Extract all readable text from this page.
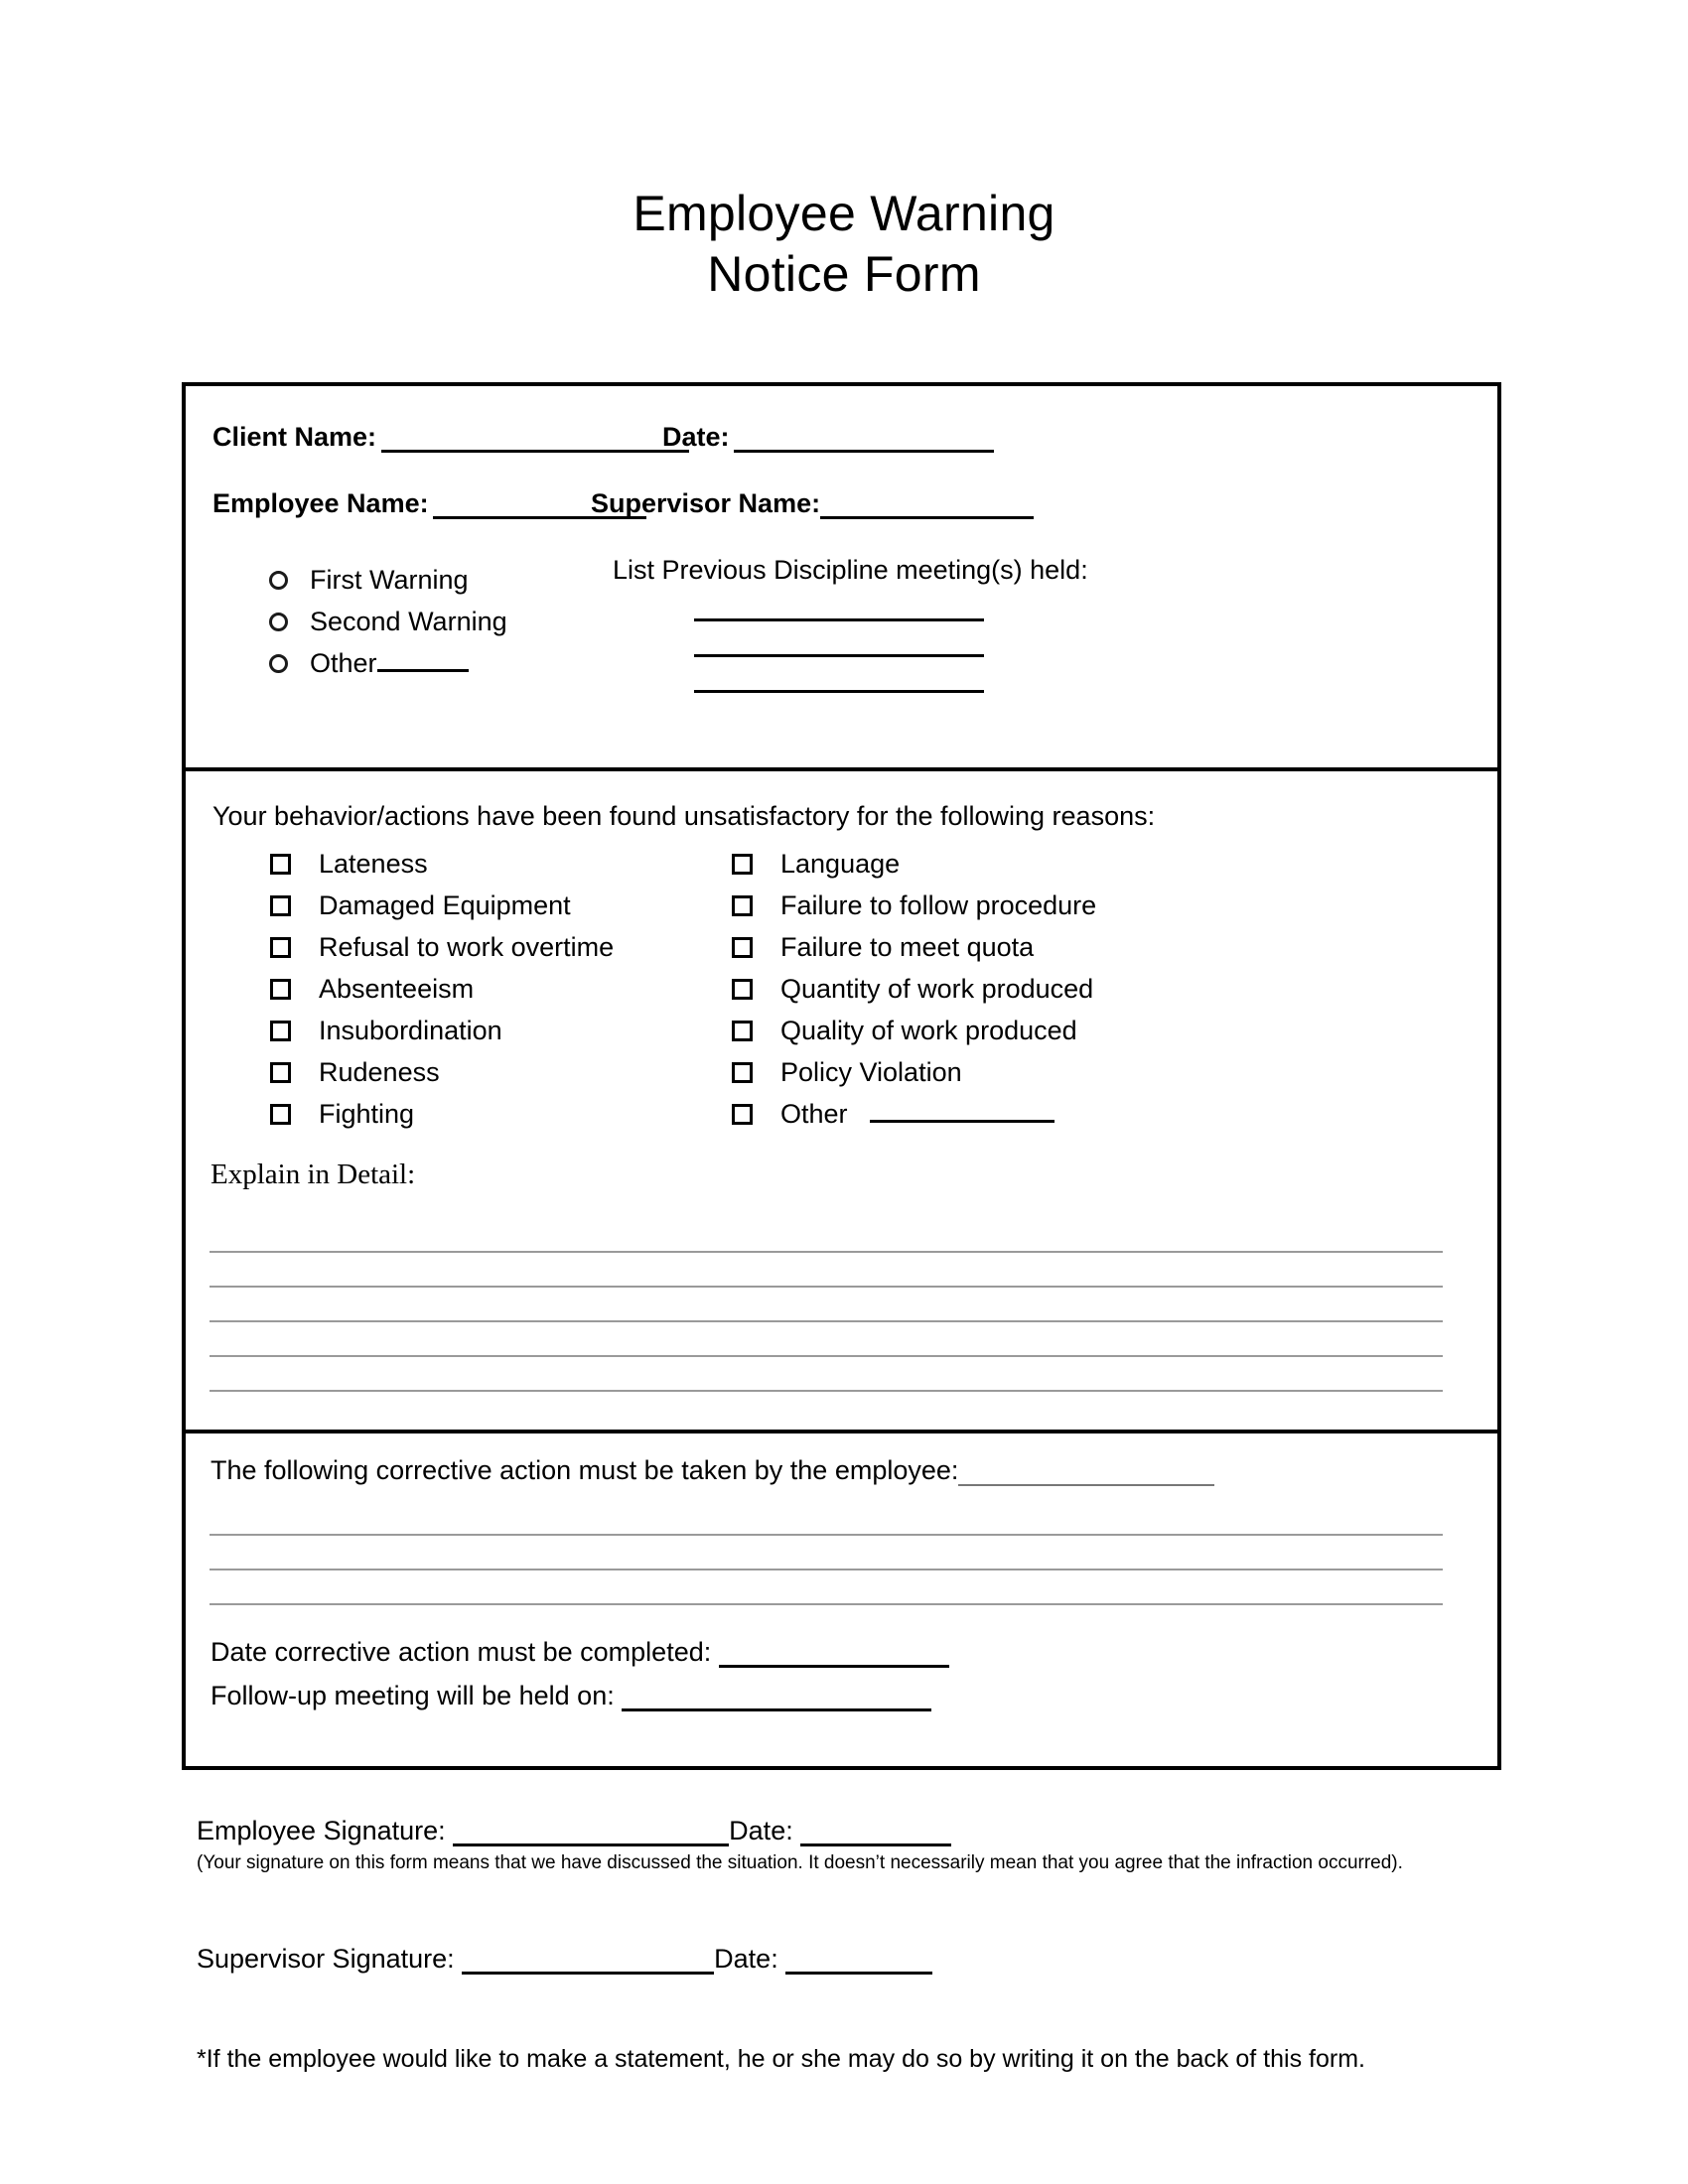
Employee Warning
Notice Form
Client Name:	Date:
Employee Name:	Supervisor Name:
First Warning
Second Warning
Other
List Previous Discipline meeting(s) held:
Your behavior/actions have been found unsatisfactory for the following reasons:
Lateness
Damaged Equipment
Refusal to work overtime
Absenteeism
Insubordination
Rudeness
Fighting
Language
Failure to follow procedure
Failure to meet quota
Quantity of work produced
Quality of work produced
Policy Violation
Other
Explain in Detail:
The following corrective action must be taken by the employee:
Date corrective action must be completed:
Follow-up meeting will be held on:
Employee Signature:	Date:
(Your signature on this form means that we have discussed the situation. It doesn’t necessarily mean that you agree that the infraction occurred).
Supervisor Signature:	Date:
*If the employee would like to make a statement, he or she may do so by writing it on the back of this form.
